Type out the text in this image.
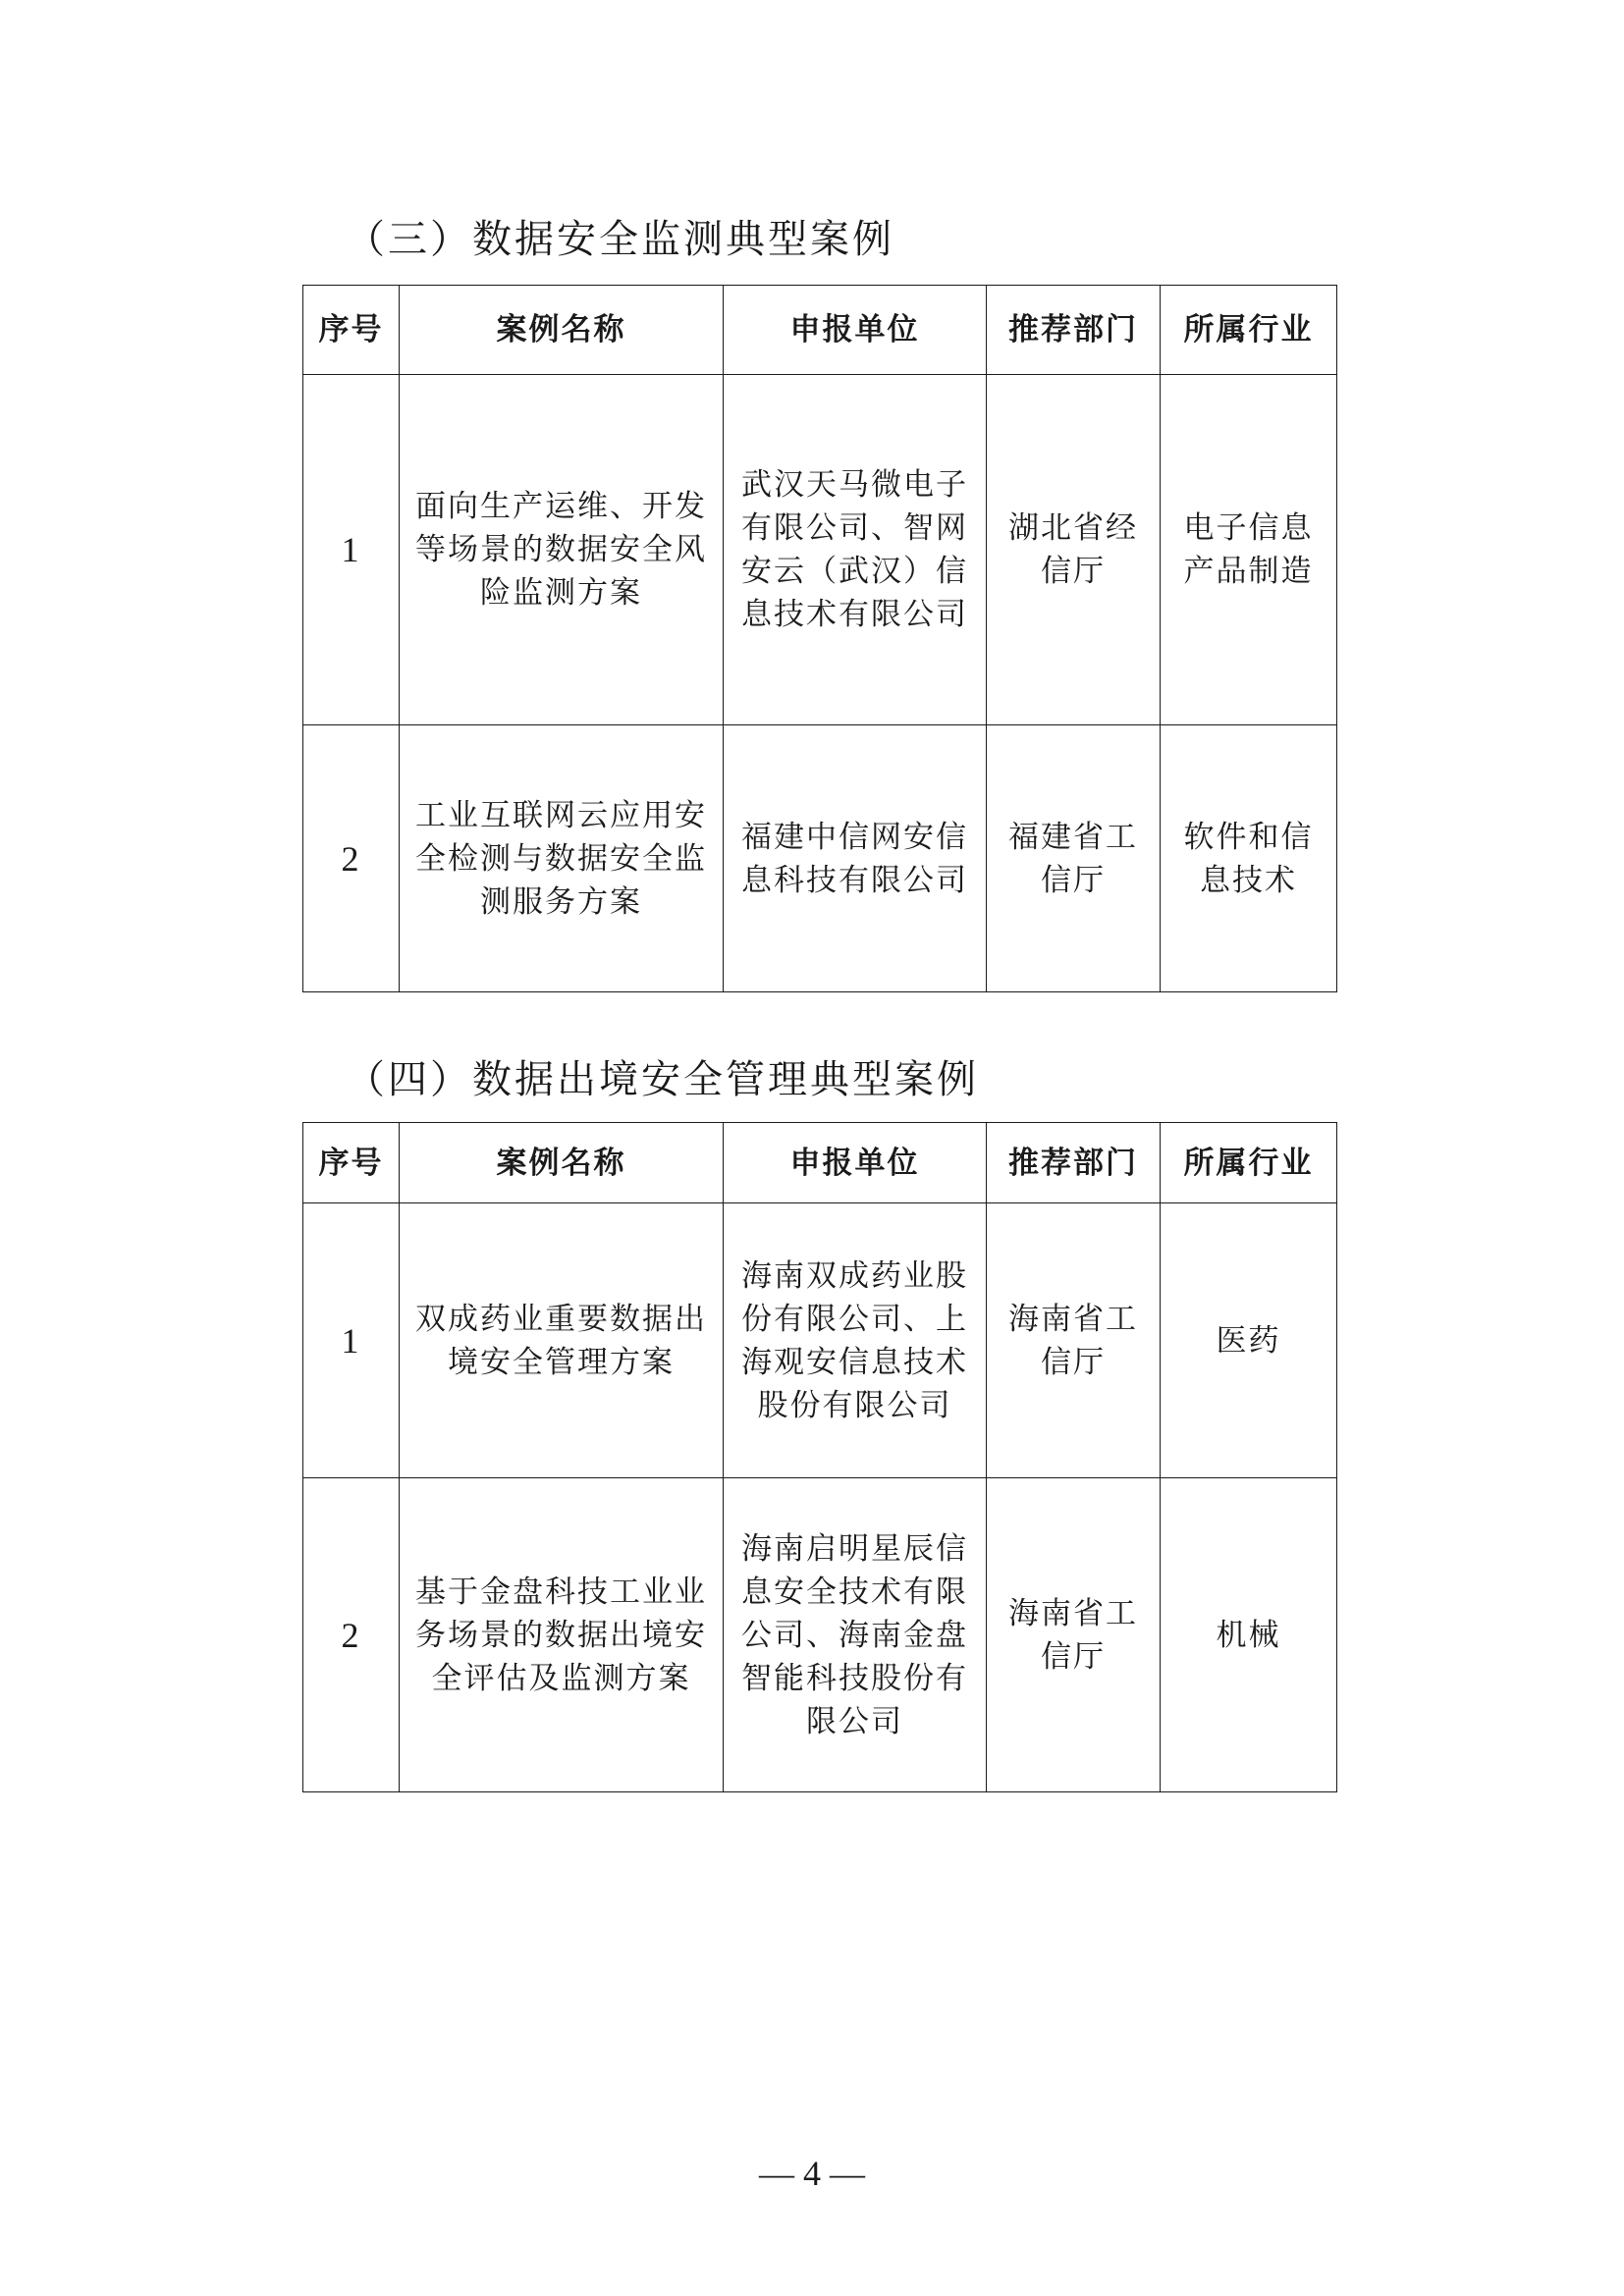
（三）数据安全监测典型案例
序号	案例名称	申报单位	推荐部门	所属行业
1	面向生产运维、开发等场景的数据安全风险监测方案	武汉天马微电子有限公司、智网安云（武汉）信息技术有限公司	湖北省经信厅	电子信息产品制造
2	工业互联网云应用安全检测与数据安全监测服务方案	福建中信网安信息科技有限公司	福建省工信厅	软件和信息技术
（四）数据出境安全管理典型案例
序号	案例名称	申报单位	推荐部门	所属行业
1	双成药业重要数据出境安全管理方案	海南双成药业股份有限公司、上海观安信息技术股份有限公司	海南省工信厅	医药
2	基于金盘科技工业业务场景的数据出境安全评估及监测方案	海南启明星辰信息安全技术有限公司、海南金盘智能科技股份有限公司	海南省工信厅	机械
— 4 —
